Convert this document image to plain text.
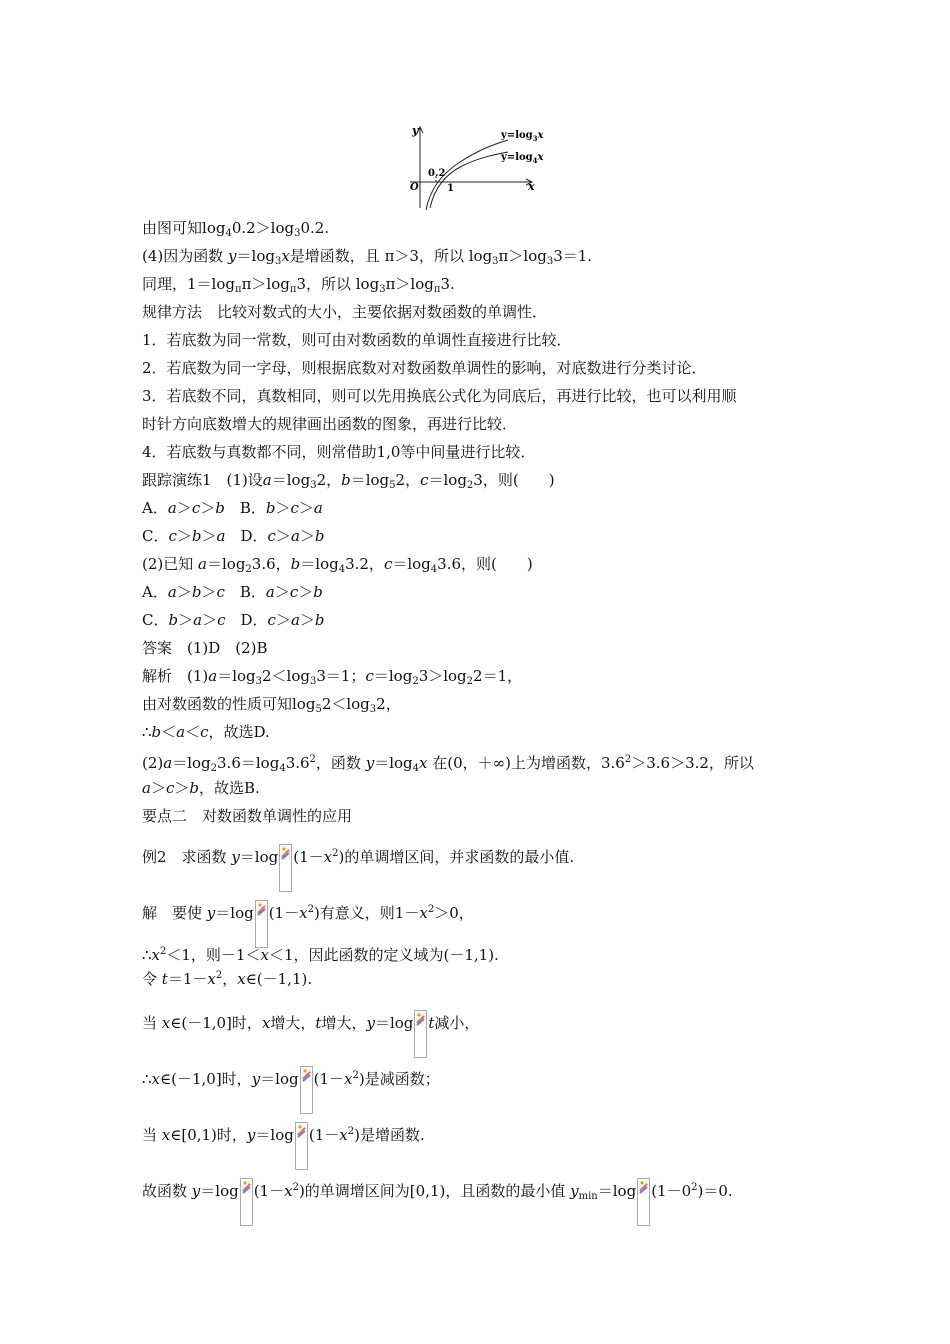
y
x
O
0.2
1
$y=\log_3x$
$y=\log_4x$
由图可知$\log_40.2>\log_30.2$.
(4)因为函数 $y=\log_3x$是增函数，且 π＞3，所以 $\log_3\pi>\log_33=1$.
同理，$1=\log_\pi\pi>\log_\pi 3$，所以 $\log_3\pi>\log_\pi 3$.
规律方法　比较对数式的大小，主要依据对数函数的单调性．
1．若底数为同一常数，则可由对数函数的单调性直接进行比较．
2．若底数为同一字母，则根据底数对对数函数单调性的影响，对底数进行分类讨论．
3．若底数不同，真数相同，则可以先用换底公式化为同底后，再进行比较，也可以利用顺
时针方向底数增大的规律画出函数的图象，再进行比较．
4．若底数与真数都不同，则常借助1,0等中间量进行比较．
跟踪演练1　(1)设$a=\log_32$，$b=\log_52$，$c=\log_23$，则(　　)
A．a＞c＞b　B．b＞c＞a
C．c＞b＞a　D．c＞a＞b
(2)已知 $a=\log_23.6$，$b=\log_43.2$，$c=\log_43.6$，则(　　)
A．a＞b＞c　B．a＞c＞b
C．b＞a＞c　D．c＞a＞b
答案　(1)D　(2)B
解析　$(1)a=\log_32<\log_33=1$；$c=\log_23>\log_22=1$，
由对数函数的性质可知$\log_52<\log_32$，
∴b＜a＜c，故选D.
$(2)a=\log_23.6=\log_43.6^2$，函数 $y=\log_4x$ 在(0，＋∞)上为增函数，$3.6^2>3.6>3.2$，所以
a＞c＞b，故选B.
要点二　对数函数单调性的应用
例2　求函数 y＝log $(1-x^2)$的单调增区间，并求函数的最小值.
解　要使 y＝log $(1-x^2)$有意义，则$1-x^2>0$，
$\therefore x^2<1$，则－1＜x＜1，因此函数的定义域为(－1,1).
令 $t=1-x^2$，x∈(－1,1).
当 x∈(－1,0]时，x增大，t增大，y＝log t减小，
∴x∈(－1,0]时，y＝log $(1-x^2)$是减函数；
当 x∈[0,1)时，y＝log $(1-x^2)$是增函数.
故函数 y＝log $(1-x^2)$的单调增区间为[0,1)，且函数的最小值 $y_{min}=\log$ $(1-0^2)=0$.
